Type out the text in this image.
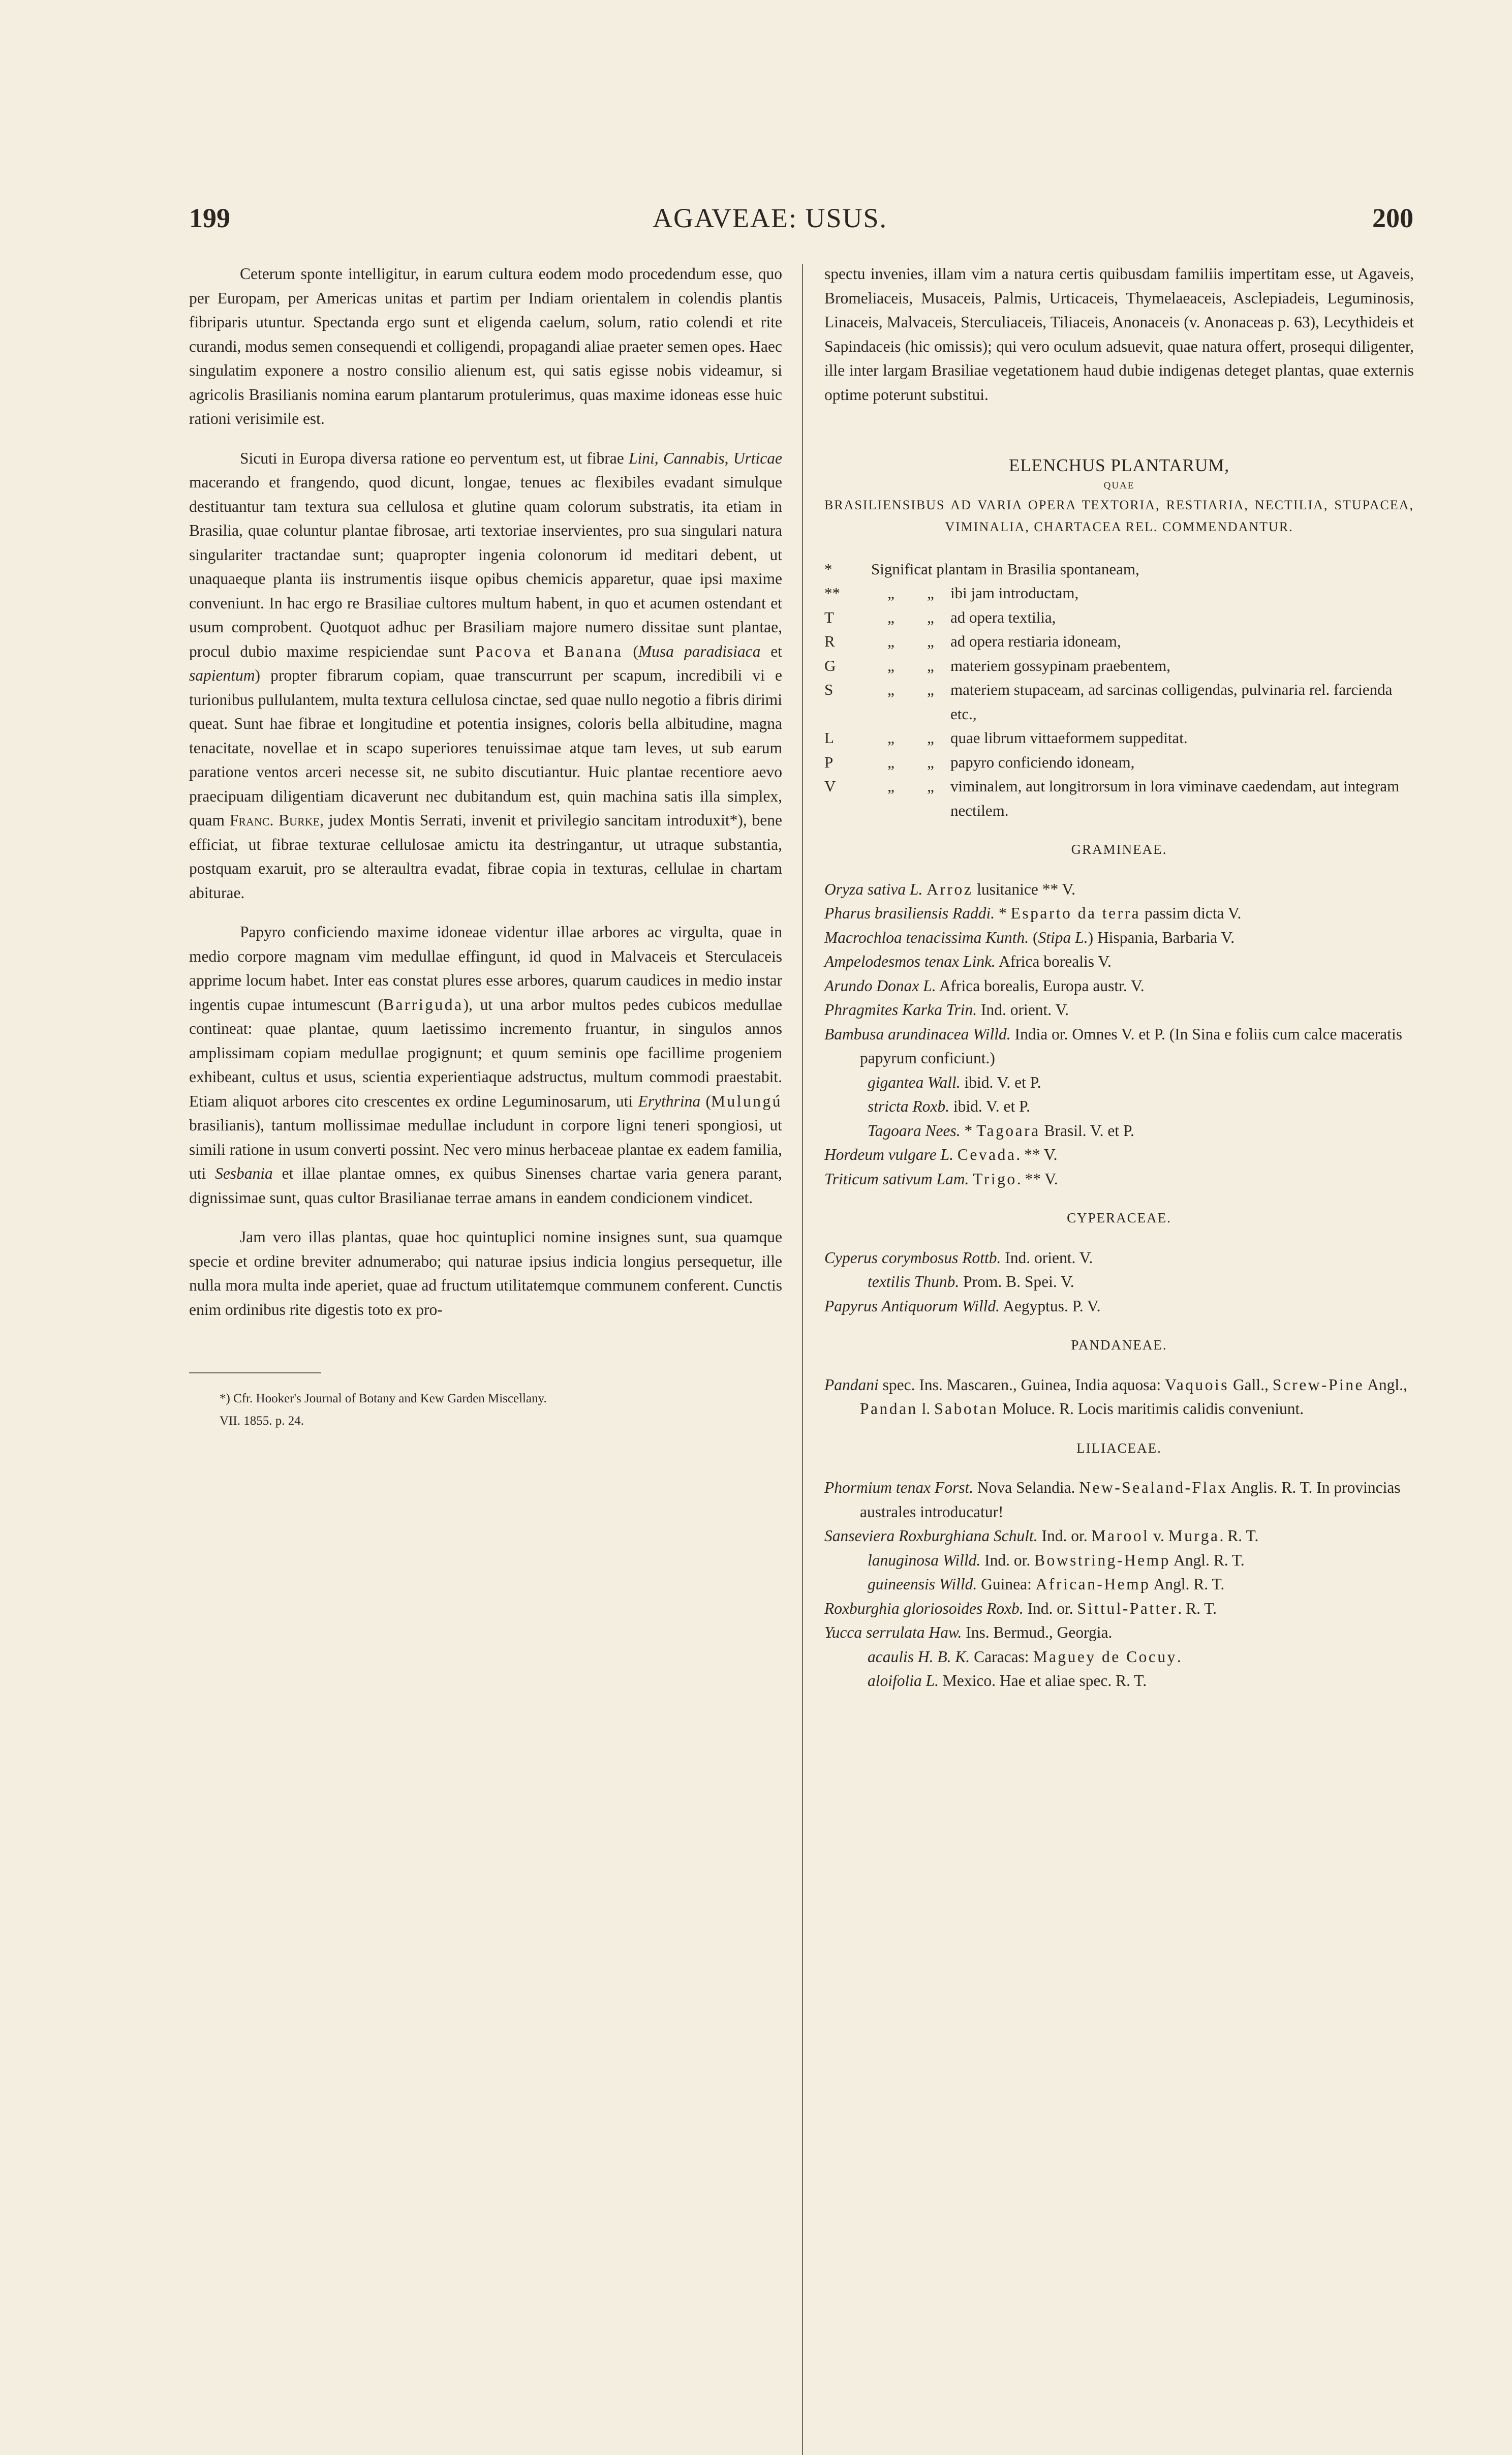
199	AGAVEAE: USUS.	200

Ceterum sponte intelligitur, in earum cultura eodem modo procedendum esse, quo per Europam, per Americas unitas et partim per Indiam orientalem in colendis plantis fibriparis utuntur. Spectanda ergo sunt et eligenda caelum, solum, ratio colendi et rite curandi, modus semen consequendi et colligendi, propagandi aliae praeter semen opes. Haec singulatim exponere a nostro consilio alienum est, qui satis egisse nobis videamur, si agricolis Brasilianis nomina earum plantarum protulerimus, quas maxime idoneas esse huic rationi verisimile est.

Sicuti in Europa diversa ratione eo perventum est, ut fibrae Lini, Cannabis, Urticae macerando et frangendo, quod dicunt, longae, tenues ac flexibiles evadant simulque destituantur tam textura sua cellulosa et glutine quam colorum substratis, ita etiam in Brasilia, quae coluntur plantae fibrosae, arti textoriae inservientes, pro sua singulari natura singulariter tractandae sunt; quapropter ingenia colonorum id meditari debent, ut unaquaeque planta iis instrumentis iisque opibus chemicis apparetur, quae ipsi maxime conveniunt. In hac ergo re Brasiliae cultores multum habent, in quo et acumen ostendant et usum comprobent. Quotquot adhuc per Brasiliam majore numero dissitae sunt plantae, procul dubio maxime respiciendae sunt Pacova et Banana (Musa paradisiaca et sapientum) propter fibrarum copiam, quae transcurrunt per scapum, incredibili vi e turionibus pullulantem, multa textura cellulosa cinctae, sed quae nullo negotio a fibris dirimi queat. Sunt hae fibrae et longitudine et potentia insignes, coloris bella albitudine, magna tenacitate, novellae et in scapo superiores tenuissimae atque tam leves, ut sub earum paratione ventos arceri necesse sit, ne subito discutiantur. Huic plantae recentiore aevo praecipuam diligentiam dicaverunt nec dubitandum est, quin machina satis illa simplex, quam Franc. Burke, judex Montis Serrati, invenit et privilegio sancitam introduxit*), bene efficiat, ut fibrae texturae cellulosae amictu ita destringantur, ut utraque substantia, postquam exaruit, pro se alteraultra evadat, fibrae copia in texturas, cellulae in chartam abiturae.

Papyro conficiendo maxime idoneae videntur illae arbores ac virgulta, quae in medio corpore magnam vim medullae effingunt, id quod in Malvaceis et Sterculaceis apprime locum habet. Inter eas constat plures esse arbores, quarum caudices in medio instar ingentis cupae intumescunt (Barriguda), ut una arbor multos pedes cubicos medullae contineat: quae plantae, quum laetissimo incremento fruantur, in singulos annos amplissimam copiam medullae progignunt; et quum seminis ope facillime progeniem exhibeant, cultus et usus, scientia experientiaque adstructus, multum commodi praestabit. Etiam aliquot arbores cito crescentes ex ordine Leguminosarum, uti Erythrina (Mulungú brasilianis), tantum mollissimae medullae includunt in corpore ligni teneri spongiosi, ut simili ratione in usum converti possint. Nec vero minus herbaceae plantae ex eadem familia, uti Sesbania et illae plantae omnes, ex quibus Sinenses chartae varia genera parant, dignissimae sunt, quas cultor Brasilianae terrae amans in eandem condicionem vindicet.

Jam vero illas plantas, quae hoc quintuplici nomine insignes sunt, sua quamque specie et ordine breviter adnumerabo; qui naturae ipsius indicia longius persequetur, ille nulla mora multa inde aperiet, quae ad fructum utilitatemque communem conferent. Cunctis enim ordinibus rite digestis toto ex pro-

*) Cfr. Hooker's Journal of Botany and Kew Garden Miscellany.
VII. 1855. p. 24.

spectu invenies, illam vim a natura certis quibusdam familiis impertitam esse, ut Agaveis, Bromeliaceis, Musaceis, Palmis, Urticaceis, Thymelaeaceis, Asclepiadeis, Leguminosis, Linaceis, Malvaceis, Sterculiaceis, Tiliaceis, Anonaceis (v. Anonaceas p. 63), Lecythideis et Sapindaceis (hic omissis); qui vero oculum adsuevit, quae natura offert, prosequi diligenter, ille inter largam Brasiliae vegetationem haud dubie indigenas deteget plantas, quae externis optime poterunt substitui.

ELENCHUS PLANTARUM,
QUAE
BRASILIENSIBUS AD VARIA OPERA TEXTORIA, RESTIARIA, NECTILIA, STUPACEA, VIMINALIA, CHARTACEA REL. COMMENDANTUR.
*	Significat plantam in Brasilia spontaneam,
**	„	„	ibi jam introductam,
T	„	„	ad opera textilia,
R	„	„	ad opera restiaria idoneam,
G	„	„	materiem gossypinam praebentem,
S	„	„	materiem stupaceam, ad sarcinas colligendas, pulvinaria rel. farcienda etc.,
L	„	„	quae librum vittaeformem suppeditat.
P	„	„	papyro conficiendo idoneam,
V	„	„	viminalem, aut longitrorsum in lora viminave caedendam, aut integram nectilem.
GRAMINEAE.
Oryza sativa L. Arroz lusitanice ** V.
Pharus brasiliensis Raddi. * Esparto da terra passim dicta V.
Macrochloa tenacissima Kunth. (Stipa L.) Hispania, Barbaria V.
Ampelodesmos tenax Link. Africa borealis V.
Arundo Donax L. Africa borealis, Europa austr. V.
Phragmites Karka Trin. Ind. orient. V.
Bambusa arundinacea Willd. India or. Omnes V. et P. (In Sina e foliis cum calce maceratis papyrum conficiunt.)
gigantea Wall. ibid. V. et P.
stricta Roxb. ibid. V. et P.
Tagoara Nees. * Tagoara Brasil. V. et P.
Hordeum vulgare L. Cevada. ** V.
Triticum sativum Lam. Trigo. ** V.
CYPERACEAE.
Cyperus corymbosus Rottb. Ind. orient. V.
textilis Thunb. Prom. B. Spei. V.
Papyrus Antiquorum Willd. Aegyptus. P. V.
PANDANEAE.
Pandani spec. Ins. Mascaren., Guinea, India aquosa: Vaquois Gall., Screw-Pine Angl., Pandan l. Sabotan Moluce. R. Locis maritimis calidis conveniunt.
LILIACEAE.
Phormium tenax Forst. Nova Selandia. New-Sealand-Flax Anglis. R. T. In provincias australes introducatur!
Sanseviera Roxburghiana Schult. Ind. or. Marool v. Murga. R. T.
lanuginosa Willd. Ind. or. Bowstring-Hemp Angl. R. T.
guineensis Willd. Guinea: African-Hemp Angl. R. T.
Roxburghia gloriosoides Roxb. Ind. or. Sittul-Patter. R. T.
Yucca serrulata Haw. Ins. Bermud., Georgia.
acaulis H. B. K. Caracas: Maguey de Cocuy.
aloifolia L. Mexico. Hae et aliae spec. R. T.
